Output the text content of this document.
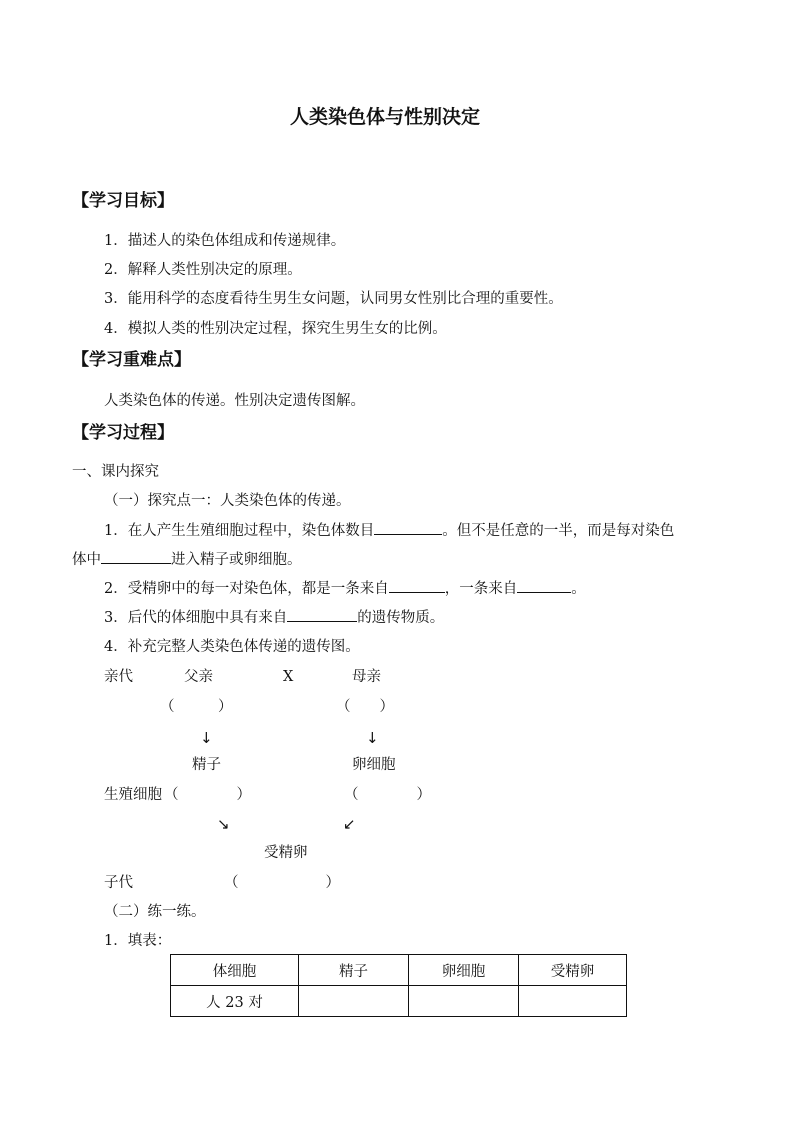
人类染色体与性别决定
【学习目标】
1．描述人的染色体组成和传递规律。
2．解释人类性别决定的原理。
3．能用科学的态度看待生男生女问题，认同男女性别比合理的重要性。
4．模拟人类的性别决定过程，探究生男生女的比例。
【学习重难点】
人类染色体的传递。性别决定遗传图解。
【学习过程】
一、课内探究
（一）探究点一：人类染色体的传递。
1．在人产生生殖细胞过程中，染色体数目	。但不是任意的一半，而是每对染色
体中	进入精子或卵细胞。
2．受精卵中的每一对染色体，都是一条来自	，一条来自	。
3．后代的体细胞中具有来自	的遗传物质。
4．补充完整人类染色体传递的遗传图。
亲代	父亲	X	母亲
（　　　）	（　　）
↓	↓
精子	卵细胞
生殖细胞 （　　　　）	（　　　　）
↘	↙
受精卵
子代	（　　　　　　）
（二）练一练。
1．填表：
体细胞	精子	卵细胞	受精卵
人 23 对			
